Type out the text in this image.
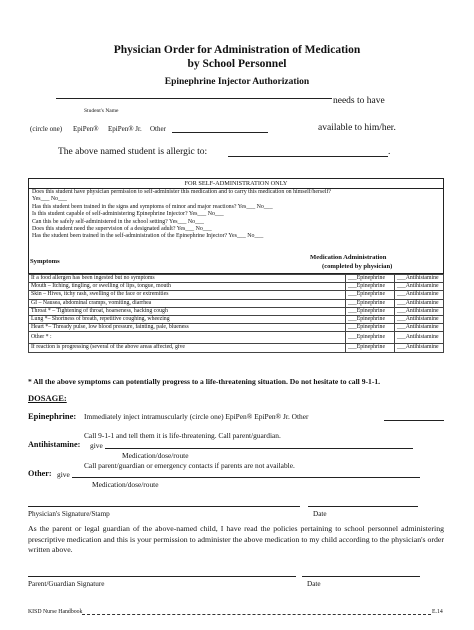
Physician Order for Administration of Medication
by School Personnel
Epinephrine Injector Authorization
needs to have
Student's Name
(circle one) EpiPen® EpiPen® Jr. Other	available to him/her.
The above named student is allergic to:	.
FOR SELF-ADMINISTRATION ONLY
Does this student have physician permission to self-administer this medication and to carry this medication on himself/herself?
Yes___ No___
Has this student been trained in the signs and symptoms of minor and major reactions? Yes___ No___
Is this student capable of self-administering Epinephrine Injector? Yes___ No___
Can this be safely self-administered in the school setting? Yes___ No___
Does this student need the supervision of a designated adult? Yes___ No___
Has the student been trained in the self-administration of the Epinephrine Injector? Yes___ No___
Symptoms
Medication Administration
(completed by physician)
If a food allergen has been ingested but no symptoms	___Epinephrine	___Antihistamine
Mouth – Itching, tingling, or swelling of lips, tongue, mouth	___Epinephrine	___Antihistamine
Skin – Hives, itchy rash, swelling of the face or extremities	___Epinephrine	___Antihistamine
GI – Nausea, abdominal cramps, vomiting, diarrhea	___Epinephrine	___Antihistamine
Throat * – Tightening of throat, hoarseness, hacking cough	___Epinephrine	___Antihistamine
Lung *– Shortness of breath, repetitive coughing, wheezing	___Epinephrine	___Antihistamine
Heart *– Thready pulse, low blood pressure, fainting, pale, blueness	___Epinephrine	___Antihistamine
Other * :	___Epinephrine	___Antihistamine
If reaction is progressing (several of the above areas affected, give	___Epinephrine	___Antihistamine
* All the above symptoms can potentially progress to a life-threatening situation. Do not hesitate to call 9-1-1.
DOSAGE:
Epinephrine: Immediately inject intramuscularly (circle one) EpiPen® EpiPen® Jr. Other
Call 9-1-1 and tell them it is life-threatening. Call parent/guardian.
Antihistamine: give
Medication/dose/route
Call parent/guardian or emergency contacts if parents are not available.
Other: give
Medication/dose/route
Physician's Signature/Stamp	Date
As the parent or legal guardian of the above-named child, I have read the policies pertaining to school personnel administering prescriptive medication and this is your permission to administer the above medication to my child according to the physician's order written above.
Parent/Guardian Signature	Date
KISD Nurse Handbook	E.14
